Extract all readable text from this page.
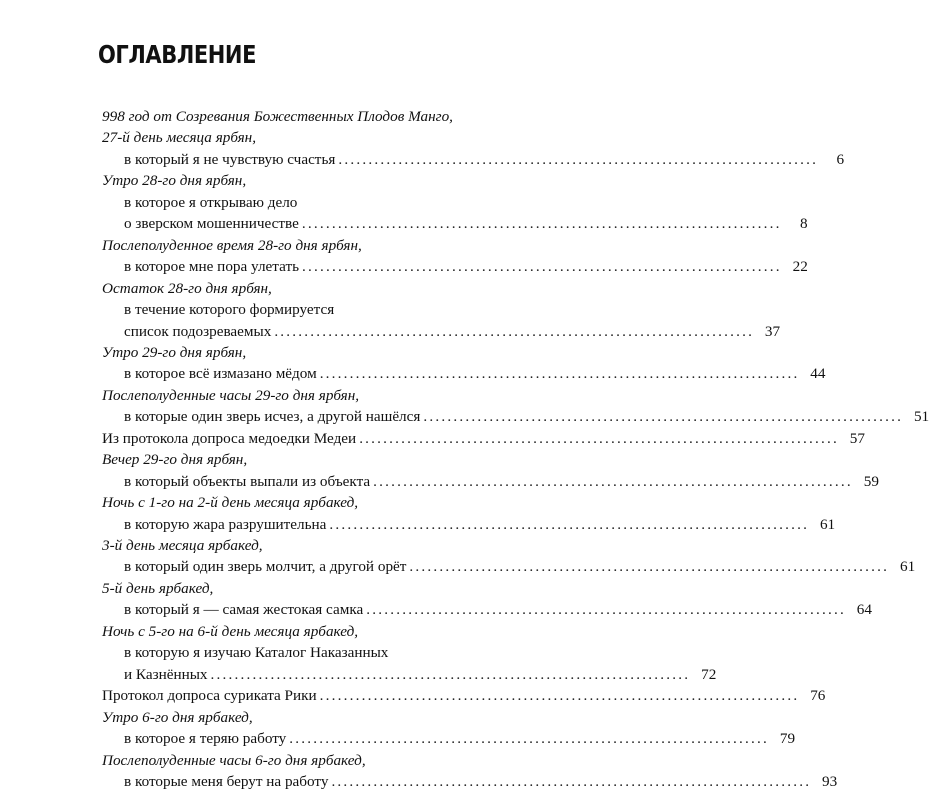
ОГЛАВЛЕНИЕ
998 год от Созревания Божественных Плодов Манго,
27-й день месяца ярбян,
в который я не чувствую счастья ................................................................................	6
Утро 28-го дня ярбян,
в которое я открываю дело
о зверском мошенничестве ................................................................................	8
Послеполуденное время 28-го дня ярбян,
в которое мне пора улетать ................................................................................ 22
Остаток 28-го дня ярбян,
в течение которого формируется
список подозреваемых ................................................................................ 37
Утро 29-го дня ярбян,
в которое всё измазано мёдом ................................................................................ 44
Послеполуденные часы 29-го дня ярбян,
в которые один зверь исчез, а другой нашёлся ................................................................................ 51
Из протокола допроса медоедки Медеи ................................................................................ 57
Вечер 29-го дня ярбян,
в который объекты выпали из объекта ................................................................................ 59
Ночь с 1-го на 2-й день месяца ярбакед,
в которую жара разрушительна ................................................................................ 61
3-й день месяца ярбакед,
в который один зверь молчит, а другой орёт ................................................................................ 61
5-й день ярбакед,
в который я — самая жестокая самка ................................................................................ 64
Ночь с 5-го на 6-й день месяца ярбакед,
в которую я изучаю Каталог Наказанных
и Казнённых ................................................................................ 72
Протокол допроса суриката Рики ................................................................................ 76
Утро 6-го дня ярбакед,
в которое я теряю работу ................................................................................ 79
Послеполуденные часы 6-го дня ярбакед,
в которые меня берут на работу ................................................................................ 93
